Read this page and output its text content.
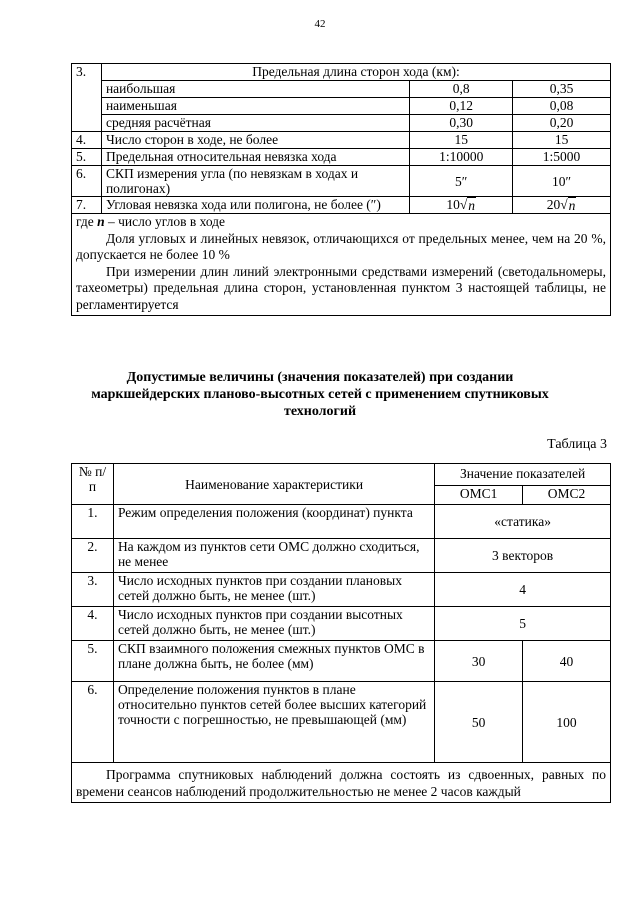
42
3.	Предельная длина сторон хода (км):		
	наибольшая	0,8	0,35
	наименьшая	0,12	0,08
	средняя расчётная	0,30	0,20
4.	Число сторон в ходе, не более	15	15
5.	Предельная относительная невязка хода	1:10000	1:5000
6.	СКП измерения угла (по невязкам в ходах и полигонах)	5″	10″
7.	Угловая невязка хода или полигона, не более (″)	10 √ n	20 √ n

где n – число углов в ходе

Доля угловых и линейных невязок, отличающихся от предельных менее, чем на 20 %, допускается не более 10 %

При измерении длин линий электронными средствами измерений (светодальномеры, тахеометры) предельная длина сторон, установленная пунктом 3 настоящей таблицы, не регламентируется			

Допустимые величины (значения показателей) при создании маркшейдерских планово-высотных сетей с применением спутниковых технологий
Таблица 3
№ п/п	Наименование характеристики	Значение показателей	
		ОМС1	ОМС2
1.	Режим определения положения (координат) пункта	«статика»	
2.	На каждом из пунктов сети ОМС должно сходиться, не менее	3 векторов	
3.	Число исходных пунктов при создании плановых сетей должно быть, не менее (шт.)	4	
4.	Число исходных пунктов при создании высотных сетей должно быть, не менее (шт.)	5	
5.	СКП взаимного положения смежных пунктов ОМС в плане должна быть, не более (мм)	30	40
6.	Определение положения пунктов в плане относительно пунктов сетей более высших категорий точности с погрешностью, не превышающей (мм)	50	100
Программа спутниковых наблюдений должна состоять из сдвоенных, равных по времени сеансов наблюдений продолжительностью не менее 2 часов каждый			
